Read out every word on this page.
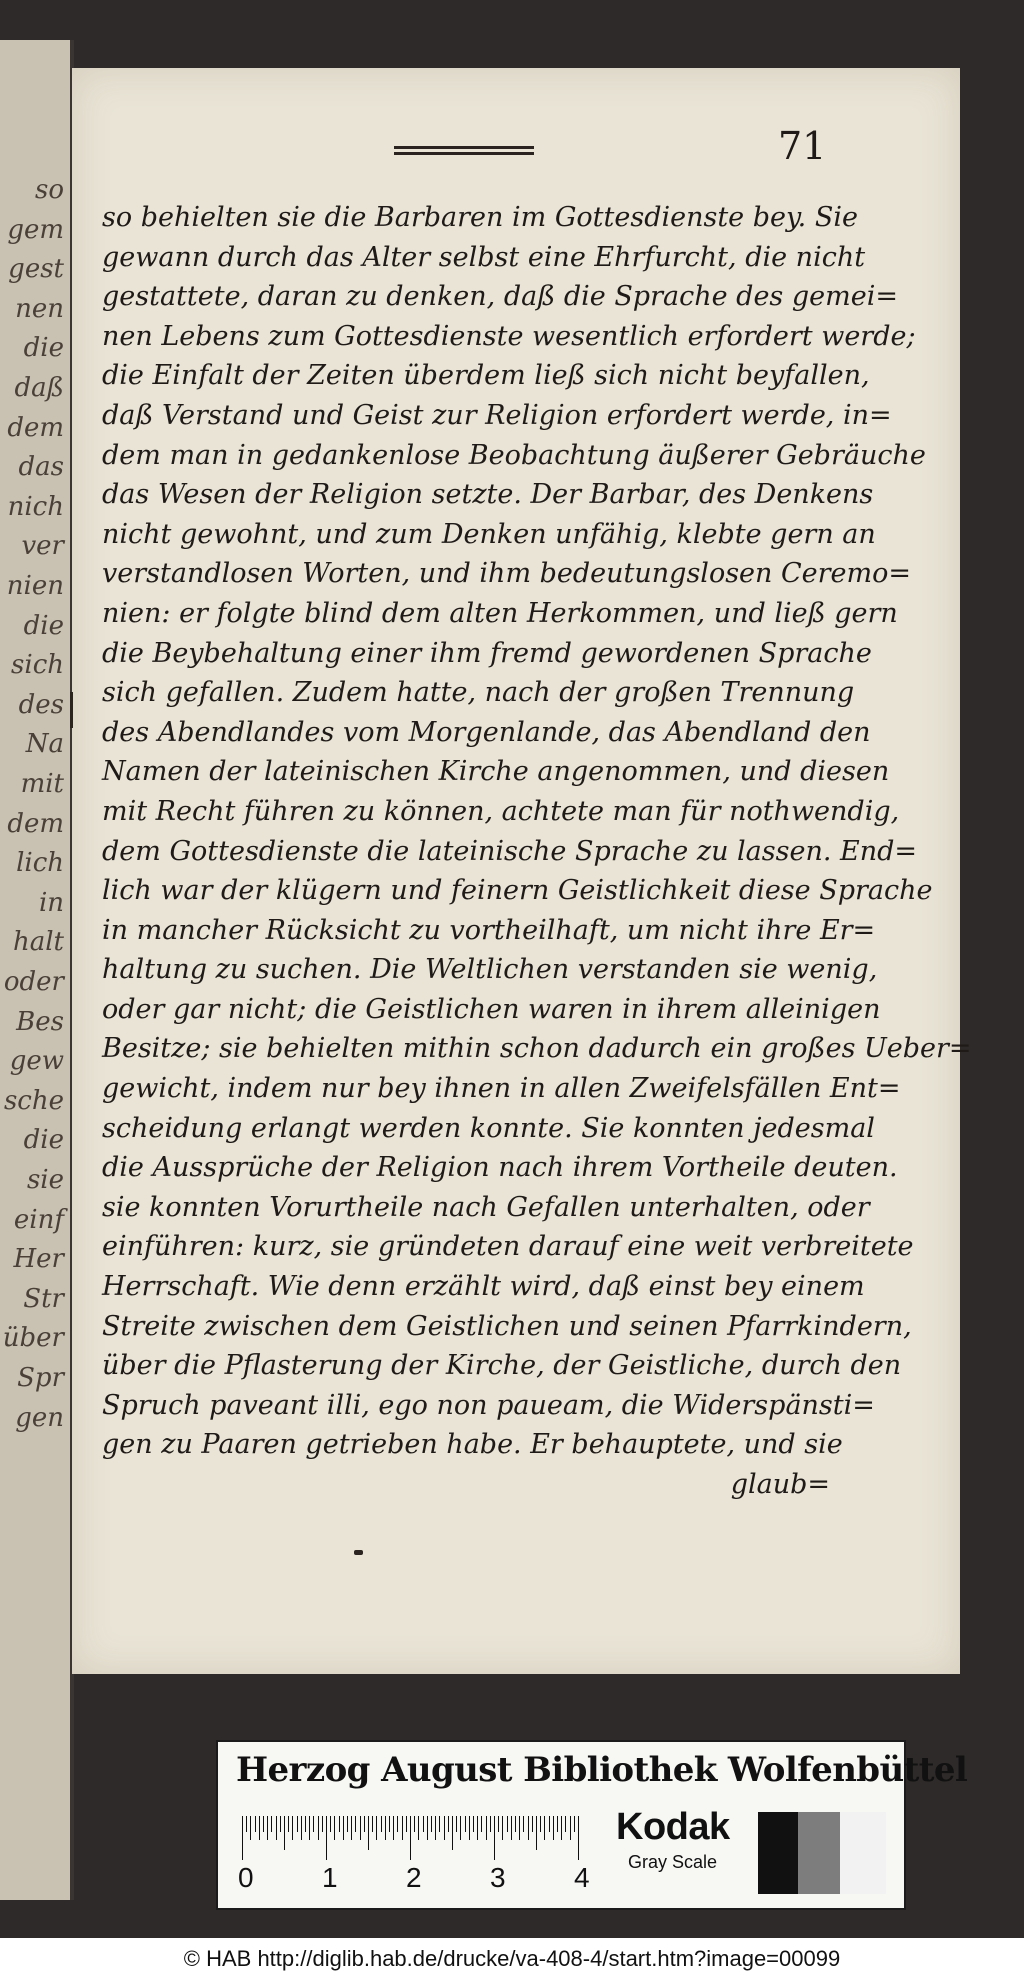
so
gem
gest
nen
die
daß
dem
das
nich
ver
nien
die
sich
des
Na
mit
dem
lich
in
halt
oder
Bes
gew
sche
die
sie
einf
Her
Str
über
Spr
gen
71
so behielten sie die Barbaren im Gottesdienste bey. Sie
gewann durch das Alter selbst eine Ehrfurcht, die nicht
gestattete, daran zu denken, daß die Sprache des gemei=
nen Lebens zum Gottesdienste wesentlich erfordert werde;
die Einfalt der Zeiten überdem ließ sich nicht beyfallen,
daß Verstand und Geist zur Religion erfordert werde, in=
dem man in gedankenlose Beobachtung äußerer Gebräuche
das Wesen der Religion setzte. Der Barbar, des Denkens
nicht gewohnt, und zum Denken unfähig, klebte gern an
verstandlosen Worten, und ihm bedeutungslosen Ceremo=
nien: er folgte blind dem alten Herkommen, und ließ gern
die Beybehaltung einer ihm fremd gewordenen Sprache
sich gefallen. Zudem hatte, nach der großen Trennung
des Abendlandes vom Morgenlande, das Abendland den
Namen der lateinischen Kirche angenommen, und diesen
mit Recht führen zu können, achtete man für nothwendig,
dem Gottesdienste die lateinische Sprache zu lassen. End=
lich war der klügern und feinern Geistlichkeit diese Sprache
in mancher Rücksicht zu vortheilhaft, um nicht ihre Er=
haltung zu suchen. Die Weltlichen verstanden sie wenig,
oder gar nicht; die Geistlichen waren in ihrem alleinigen
Besitze; sie behielten mithin schon dadurch ein großes Ueber=
gewicht, indem nur bey ihnen in allen Zweifelsfällen Ent=
scheidung erlangt werden konnte. Sie konnten jedesmal
die Aussprüche der Religion nach ihrem Vortheile deuten.
sie konnten Vorurtheile nach Gefallen unterhalten, oder
einführen: kurz, sie gründeten darauf eine weit verbreitete
Herrschaft. Wie denn erzählt wird, daß einst bey einem
Streite zwischen dem Geistlichen und seinen Pfarrkindern,
über die Pflasterung der Kirche, der Geistliche, durch den
Spruch paveant illi, ego non paueam, die Widerspänsti=
gen zu Paaren getrieben habe. Er behauptete, und sie
glaub=
Herzog August Bibliothek Wolfenbüttel
0 1 2 3 4
Kodak
Gray Scale
© HAB http://diglib.hab.de/drucke/va-408-4/start.htm?image=00099
